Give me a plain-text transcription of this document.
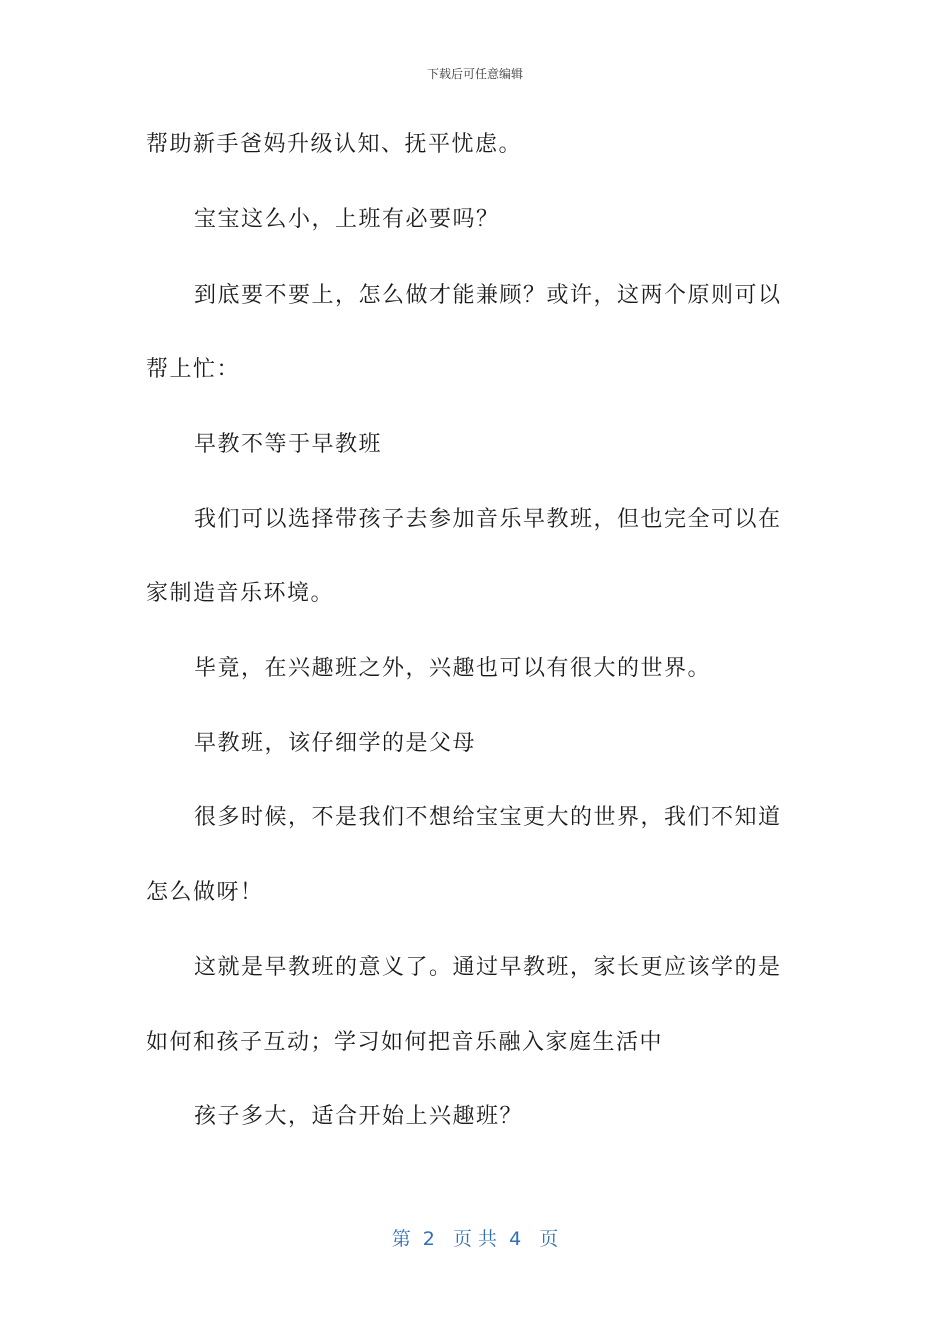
下载后可任意编辑
帮助新手爸妈升级认知、抚平忧虑。
宝宝这么小，上班有必要吗？
到底要不要上，怎么做才能兼顾？或许，这两个原则可以
帮上忙：
早教不等于早教班
我们可以选择带孩子去参加音乐早教班，但也完全可以在
家制造音乐环境。
毕竟，在兴趣班之外，兴趣也可以有很大的世界。
早教班，该仔细学的是父母
很多时候，不是我们不想给宝宝更大的世界，我们不知道
怎么做呀！
这就是早教班的意义了。通过早教班，家长更应该学的是
如何和孩子互动；学习如何把音乐融入家庭生活中
孩子多大，适合开始上兴趣班？
第  2   页 共  4   页
